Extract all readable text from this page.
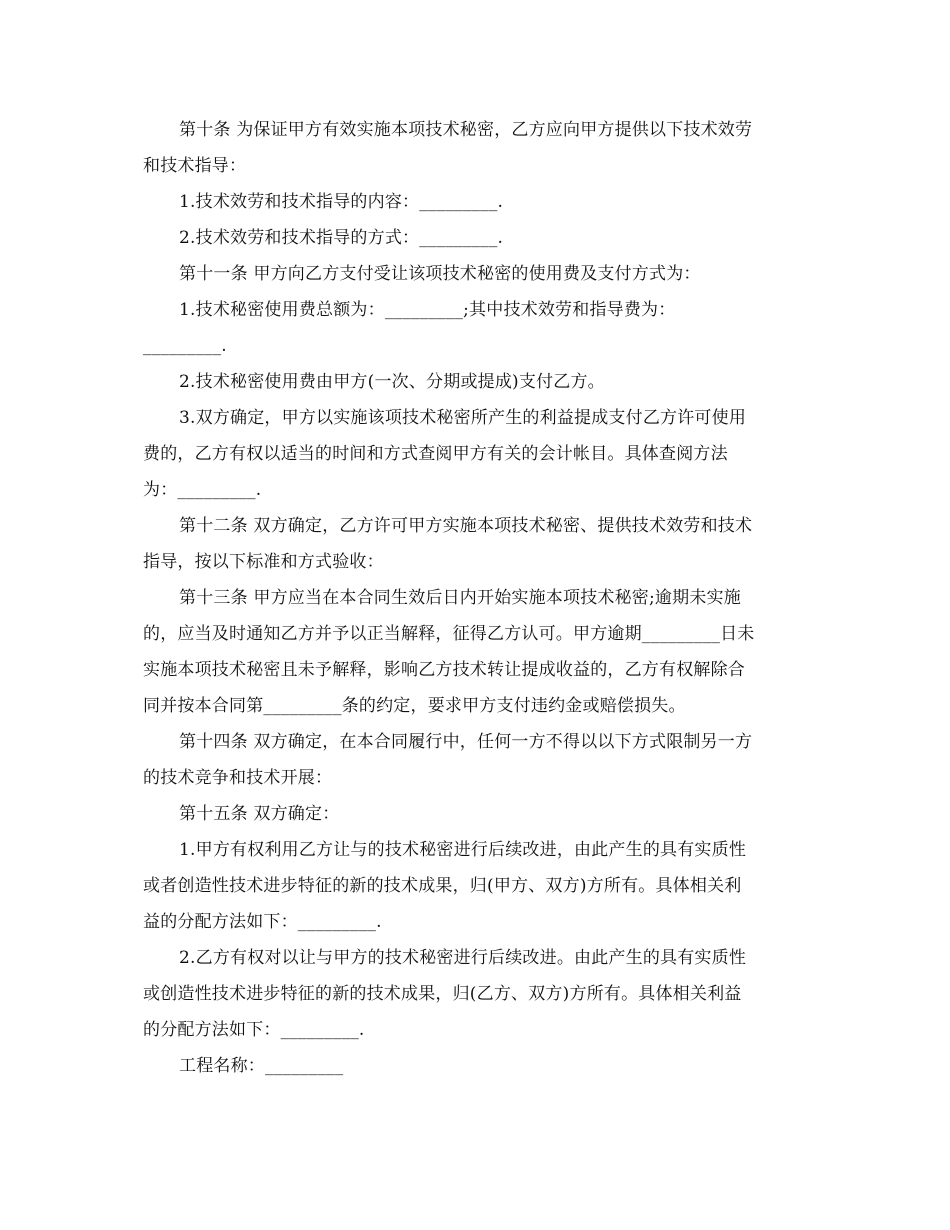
第十条 为保证甲方有效实施本项技术秘密，乙方应向甲方提供以下技术效劳
和技术指导：
1.技术效劳和技术指导的内容：_________.
2.技术效劳和技术指导的方式：_________.
第十一条 甲方向乙方支付受让该项技术秘密的使用费及支付方式为：
1.技术秘密使用费总额为：_________;其中技术效劳和指导费为：
_________.
2.技术秘密使用费由甲方(一次、分期或提成)支付乙方。
3.双方确定，甲方以实施该项技术秘密所产生的利益提成支付乙方许可使用
费的，乙方有权以适当的时间和方式查阅甲方有关的会计帐目。具体查阅方法
为：_________.
第十二条 双方确定，乙方许可甲方实施本项技术秘密、提供技术效劳和技术
指导，按以下标准和方式验收：
第十三条 甲方应当在本合同生效后日内开始实施本项技术秘密;逾期未实施
的，应当及时通知乙方并予以正当解释，征得乙方认可。甲方逾期_________日未
实施本项技术秘密且未予解释，影响乙方技术转让提成收益的，乙方有权解除合
同并按本合同第_________条的约定，要求甲方支付违约金或赔偿损失。
第十四条 双方确定，在本合同履行中，任何一方不得以以下方式限制另一方
的技术竞争和技术开展：
第十五条 双方确定：
1.甲方有权利用乙方让与的技术秘密进行后续改进，由此产生的具有实质性
或者创造性技术进步特征的新的技术成果，归(甲方、双方)方所有。具体相关利
益的分配方法如下：_________.
2.乙方有权对以让与甲方的技术秘密进行后续改进。由此产生的具有实质性
或创造性技术进步特征的新的技术成果，归(乙方、双方)方所有。具体相关利益
的分配方法如下：_________.
工程名称：_________
